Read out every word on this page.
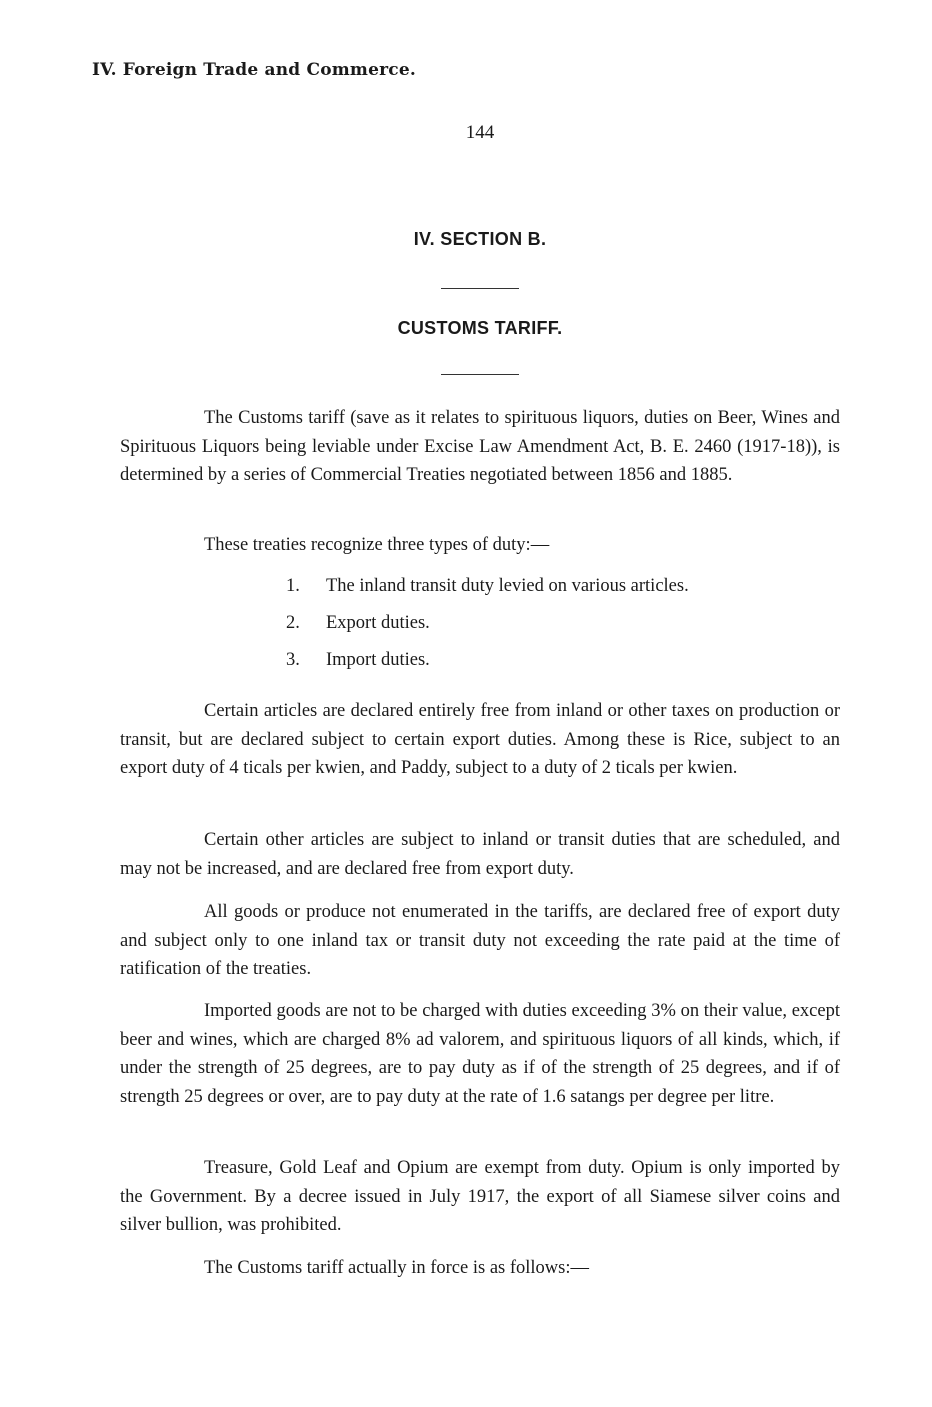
IV. Foreign Trade and Commerce.
144
IV. SECTION B.
CUSTOMS TARIFF.
The Customs tariff (save as it relates to spirituous liquors, duties on Beer, Wines and Spirituous Liquors being leviable under Excise Law Amendment Act, B. E. 2460 (1917-18)), is determined by a series of Commercial Treaties negotiated between 1856 and 1885.
These treaties recognize three types of duty:—
1. The inland transit duty levied on various articles.
2. Export duties.
3. Import duties.
Certain articles are declared entirely free from inland or other taxes on production or transit, but are declared subject to certain export duties. Among these is Rice, subject to an export duty of 4 ticals per kwien, and Paddy, subject to a duty of 2 ticals per kwien.
Certain other articles are subject to inland or transit duties that are scheduled, and may not be increased, and are declared free from export duty.
All goods or produce not enumerated in the tariffs, are declared free of export duty and subject only to one inland tax or transit duty not exceeding the rate paid at the time of ratification of the treaties.
Imported goods are not to be charged with duties exceeding 3% on their value, except beer and wines, which are charged 8% ad valorem, and spirituous liquors of all kinds, which, if under the strength of 25 degrees, are to pay duty as if of the strength of 25 degrees, and if of strength 25 degrees or over, are to pay duty at the rate of 1.6 satangs per degree per litre.
Treasure, Gold Leaf and Opium are exempt from duty. Opium is only imported by the Government. By a decree issued in July 1917, the export of all Siamese silver coins and silver bullion, was prohibited.
The Customs tariff actually in force is as follows:—
